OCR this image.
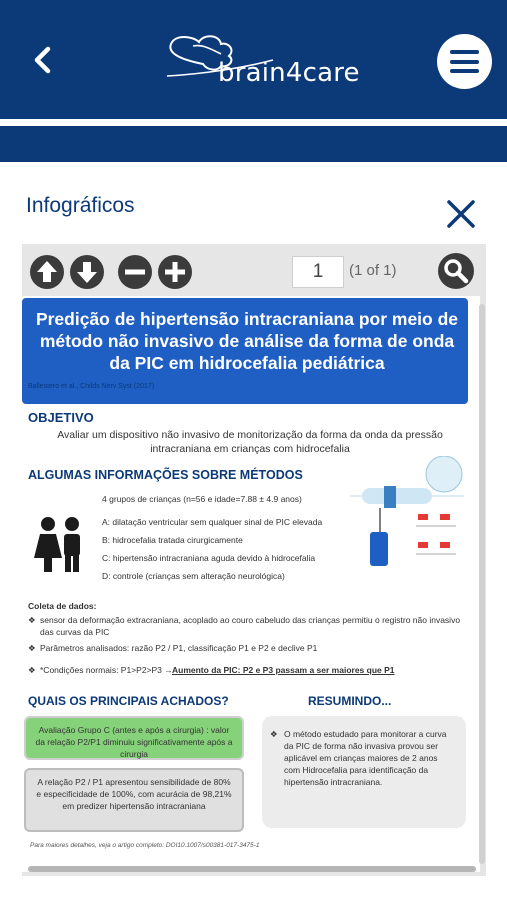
brain4care
Infográficos
1	(1 of 1)
Predição de hipertensão intracraniana por meio de método não invasivo de análise da forma de onda da PIC em hidrocefalia pediátrica
Ballestero et al., Childs Nerv Syst (2017)
OBJETIVO
Avaliar um dispositivo não invasivo de monitorização da forma da onda da pressão intracraniana em crianças com hidrocefalia
ALGUMAS INFORMAÇÕES SOBRE MÉTODOS
4 grupos de crianças (n=56 e idade=7.88 ± 4.9 anos)
A: dilatação ventricular sem qualquer sinal de PIC elevada
B: hidrocefalia tratada cirurgicamente
C: hipertensão intracraniana aguda devido à hidrocefalia
D: controle (crianças sem alteração neurológica)
Coleta de dados:
❖ sensor da deformação extracraniana, acoplado ao couro cabeludo das crianças permitiu o registro não invasivo das curvas da PIC
❖ Parâmetros analisados: razão P2 / P1, classificação P1 e P2 e declive P1
❖ *Condições normais: P1>P2>P3 → Aumento da PIC: P2 e P3 passam a ser maiores que P1
QUAIS OS PRINCIPAIS ACHADOS?	RESUMINDO...
Avaliação Grupo C (antes e após a cirurgia) : valor da relação P2/P1 diminuiu significativamente após a cirurgia
A relação P2 / P1 apresentou sensibilidade de 80% e especificidade de 100%, com acurácia de 98,21% em predizer hipertensão intracraniana
❖ O método estudado para monitorar a curva da PIC de forma não invasiva provou ser aplicável em crianças maiores de 2 anos com Hidrocefalia para identificação da hipertensão intracraniana.
Para maiores detalhes, veja o artigo completo: DOI10.1007/s00381-017-3475-1
